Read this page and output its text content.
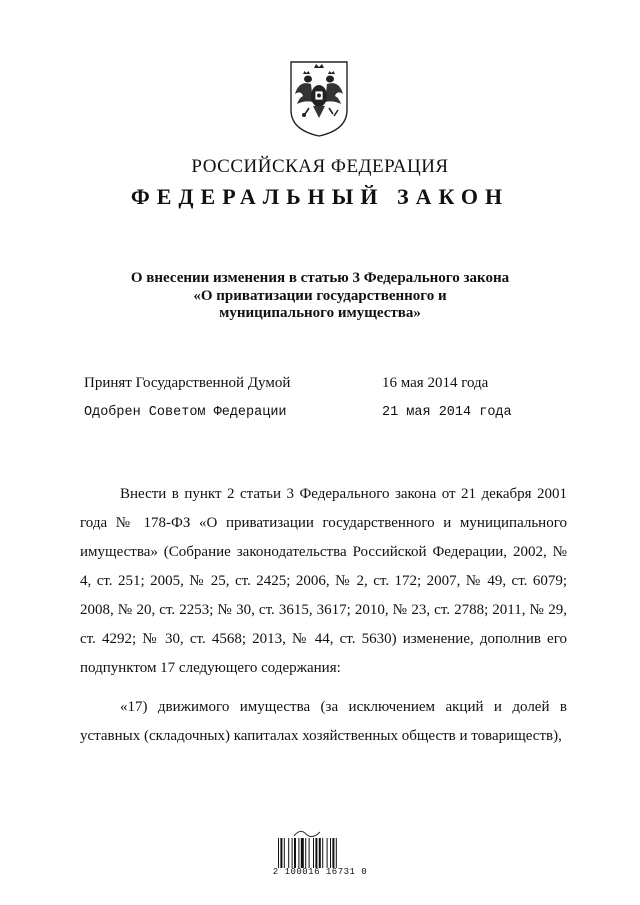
РОССИЙСКАЯ ФЕДЕРАЦИЯ
ФЕДЕРАЛЬНЫЙ ЗАКОН
О внесении изменения в статью 3 Федерального закона
«О приватизации государственного и
муниципального имущества»
Принят Государственной Думой	16 мая 2014 года
Одобрен Советом Федерации	21 мая 2014 года

Внести в пункт 2 статьи 3 Федерального закона от 21 декабря 2001 года № 178-ФЗ «О приватизации государственного и муниципального имущества» (Собрание законодательства Российской Федерации, 2002, № 4, ст. 251; 2005, № 25, ст. 2425; 2006, № 2, ст. 172; 2007, № 49, ст. 6079; 2008, № 20, ст. 2253; № 30, ст. 3615, 3617; 2010, № 23, ст. 2788; 2011, № 29, ст. 4292; № 30, ст. 4568; 2013, № 44, ст. 5630) изменение, дополнив его подпунктом 17 следующего содержания:

«17) движимого имущества (за исключением акций и долей в уставных (складочных) капиталах хозяйственных обществ и товариществ),

2 100016 16731 0
